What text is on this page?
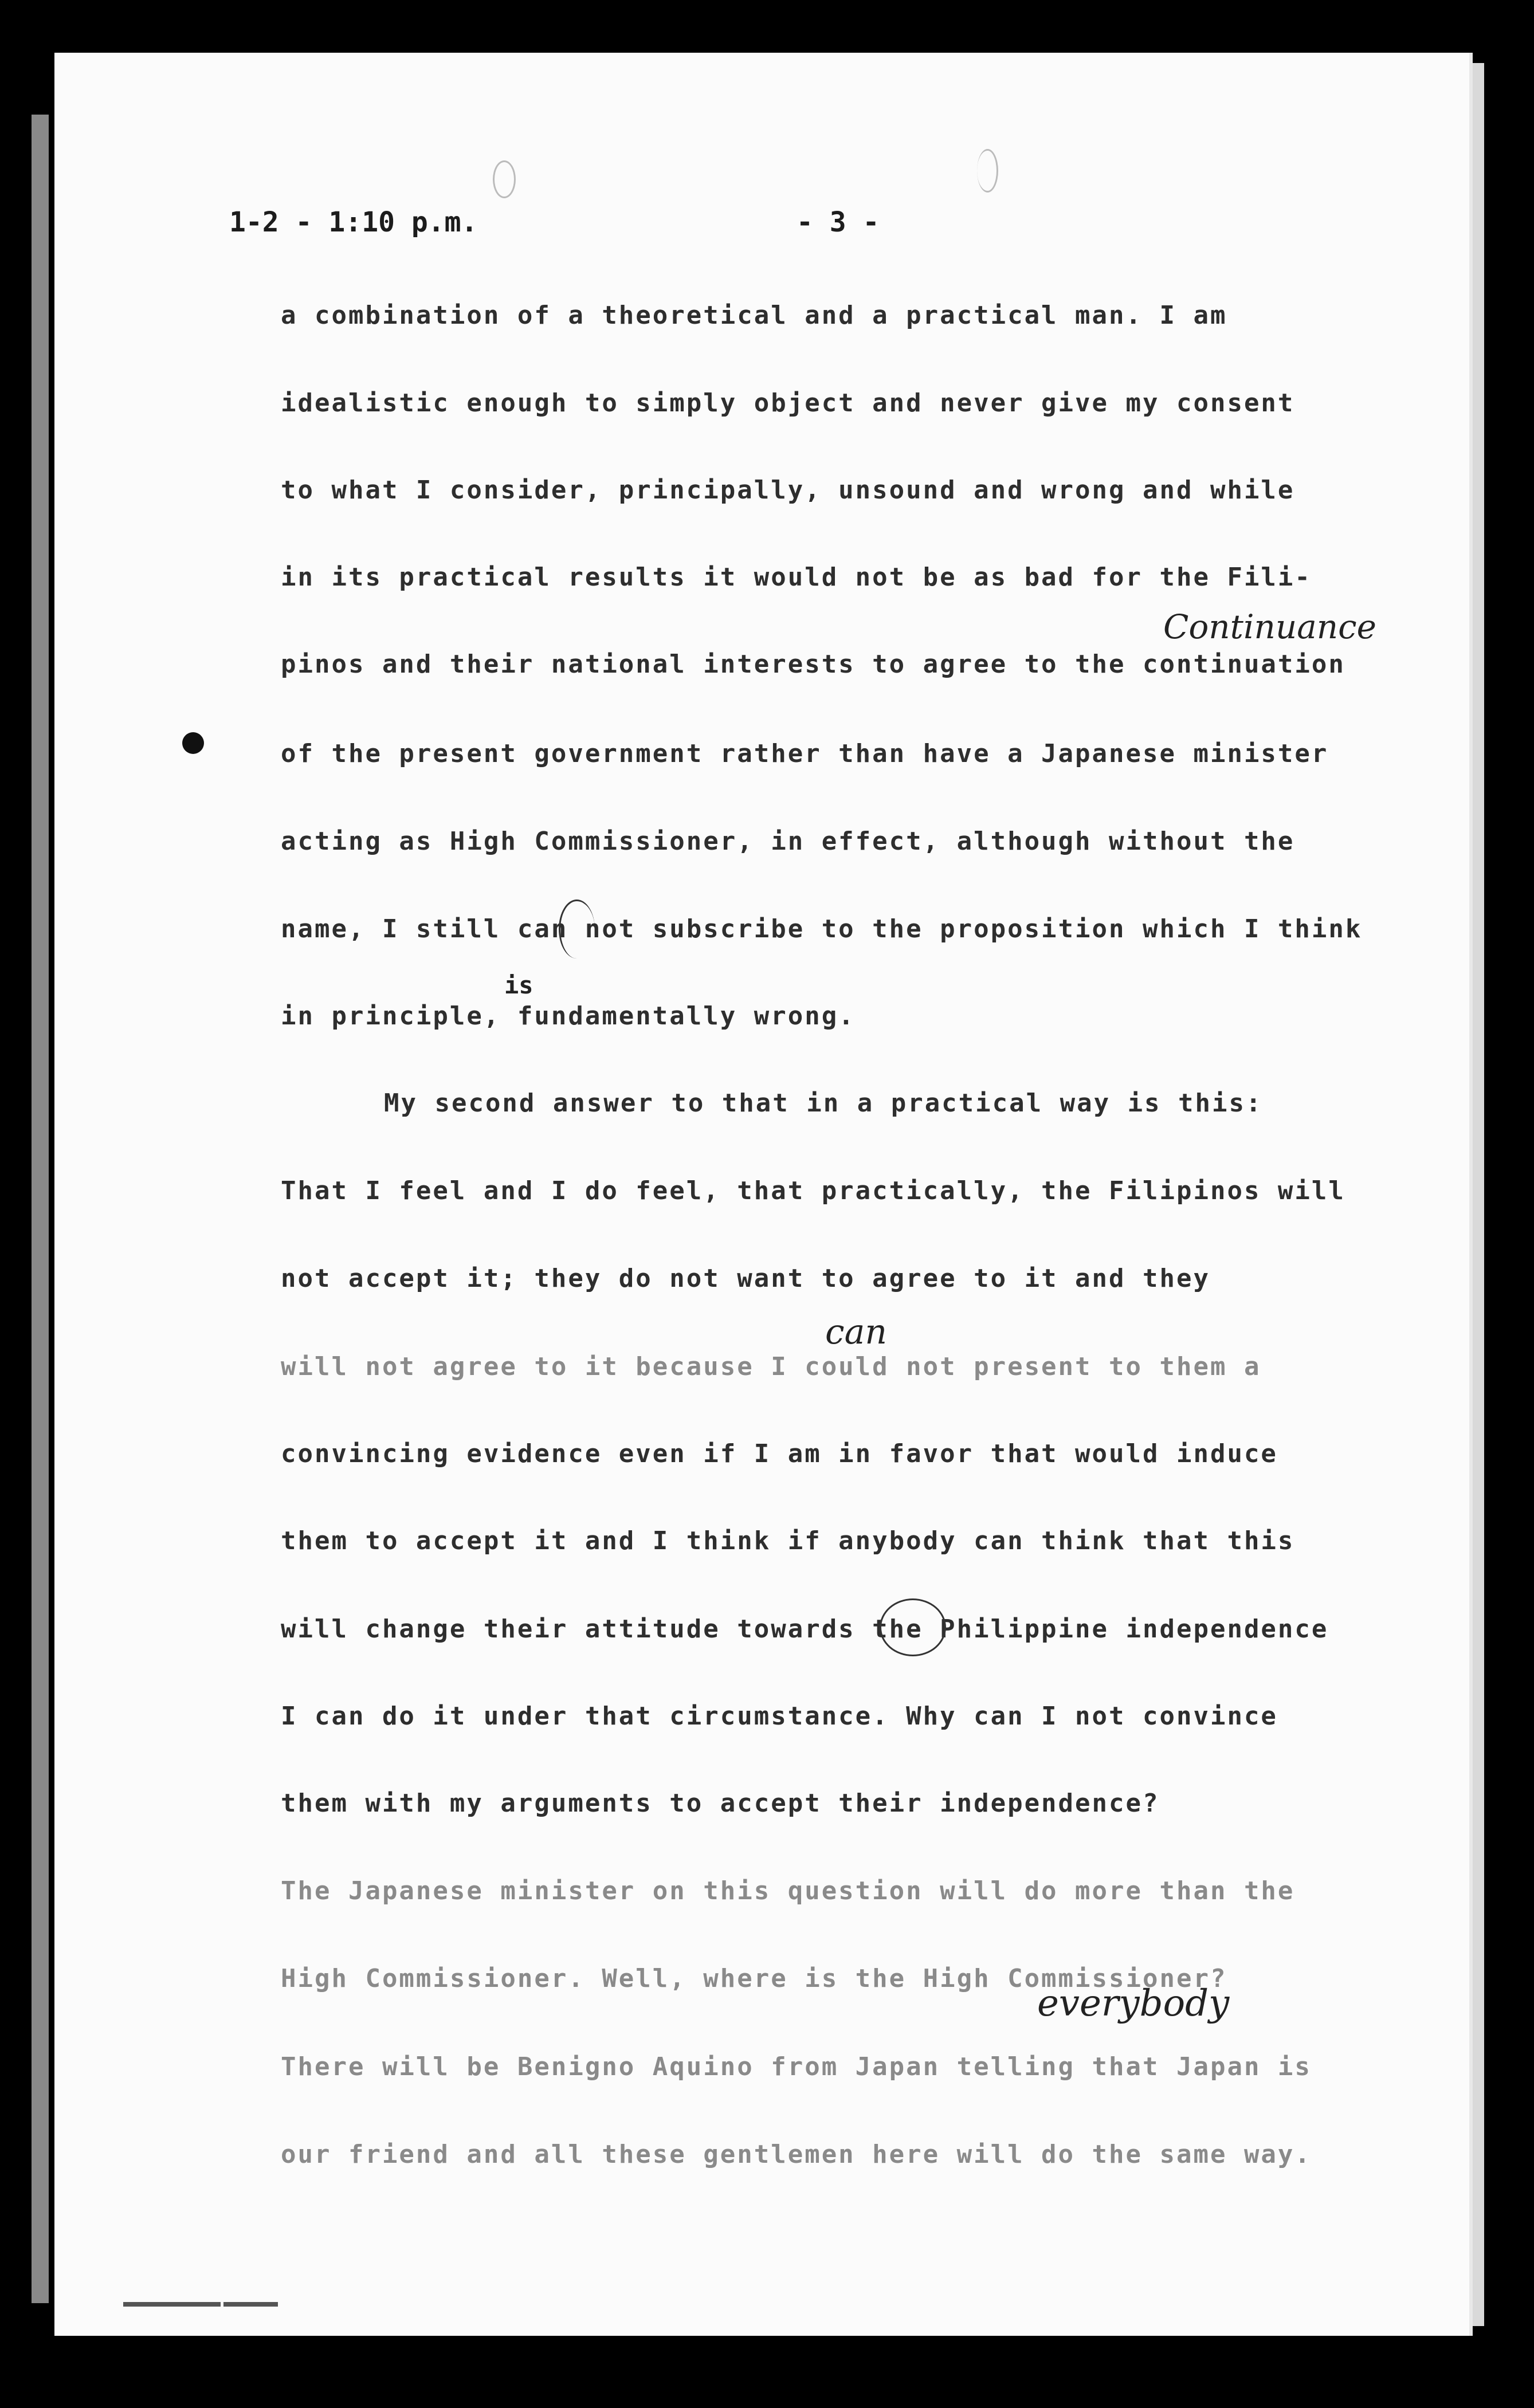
1-2 - 1:10 p.m.	- 3 -
a combination of a theoretical and a practical man. I am
idealistic enough to simply object and never give my consent
to what I consider, principally, unsound and wrong and while
in its practical results it would not be as bad for the Fili-
pinos and their national interests to agree to the continuation
of the present government rather than have a Japanese minister
acting as High Commissioner, in effect, although without the
name, I still can not subscribe to the proposition which I think
in principle, fundamentally wrong.
My second answer to that in a practical way is this:
That I feel and I do feel, that practically, the Filipinos will
not accept it; they do not want to agree to it and they
will not agree to it because I could not present to them a
convincing evidence even if I am in favor that would induce
them to accept it and I think if anybody can think that this
will change their attitude towards the Philippine independence
I can do it under that circumstance. Why can I not convince
them with my arguments to accept their independence?
The Japanese minister on this question will do more than the
High Commissioner. Well, where is the High Commissioner?
There will be Benigno Aquino from Japan telling that Japan is
our friend and all these gentlemen here will do the same way.
Continuance
is
can
everybody
